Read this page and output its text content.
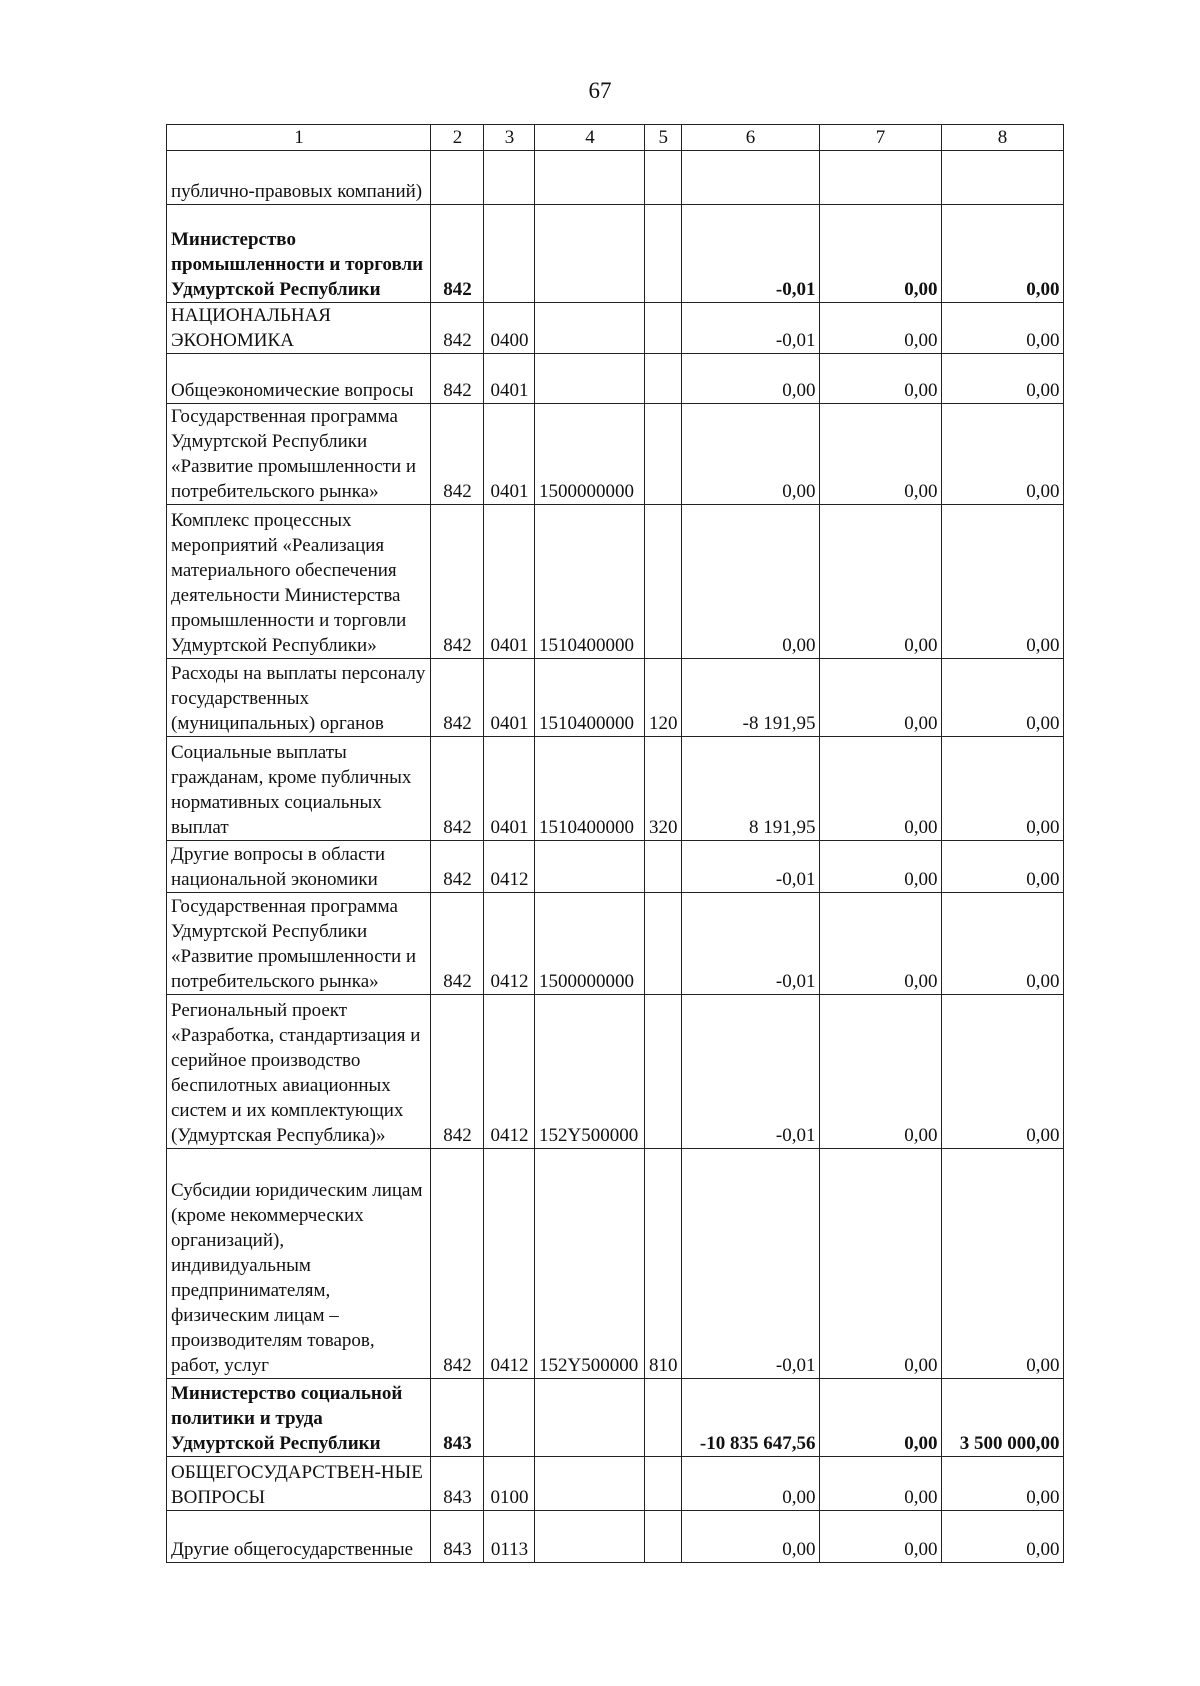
67
1	2	3	4	5	6	7	8
публично-правовых компаний)							
Министерство промышленности и торговли Удмуртской Республики	842				-0,01	0,00	0,00
НАЦИОНАЛЬНАЯ ЭКОНОМИКА	842	0400			-0,01	0,00	0,00
Общеэкономические вопросы	842	0401			0,00	0,00	0,00
Государственная программа Удмуртской Республики «Развитие промышленности и потребительского рынка»	842	0401	1500000000		0,00	0,00	0,00
Комплекс процессных мероприятий «Реализация материального обеспечения деятельности Министерства промышленности и торговли Удмуртской Республики»	842	0401	1510400000		0,00	0,00	0,00
Расходы на выплаты персоналу государственных (муниципальных) органов	842	0401	1510400000	120	-8 191,95	0,00	0,00
Социальные выплаты гражданам, кроме публичных нормативных социальных выплат	842	0401	1510400000	320	8 191,95	0,00	0,00
Другие вопросы в области национальной экономики	842	0412			-0,01	0,00	0,00
Государственная программа Удмуртской Республики «Развитие промышленности и потребительского рынка»	842	0412	1500000000		-0,01	0,00	0,00
Региональный проект «Разработка, стандартизация и серийное производство беспилотных авиационных систем и их комплектующих (Удмуртская Республика)»	842	0412	152Y500000		-0,01	0,00	0,00
Субсидии юридическим лицам (кроме некоммерческих организаций), индивидуальным предпринимателям, физическим лицам – производителям товаров, работ, услуг	842	0412	152Y500000	810	-0,01	0,00	0,00
Министерство социальной политики и труда Удмуртской Республики	843				-10 835 647,56	0,00	3 500 000,00
ОБЩЕГОСУДАРСТВЕН-НЫЕ ВОПРОСЫ	843	0100			0,00	0,00	0,00
Другие общегосударственные	843	0113			0,00	0,00	0,00
